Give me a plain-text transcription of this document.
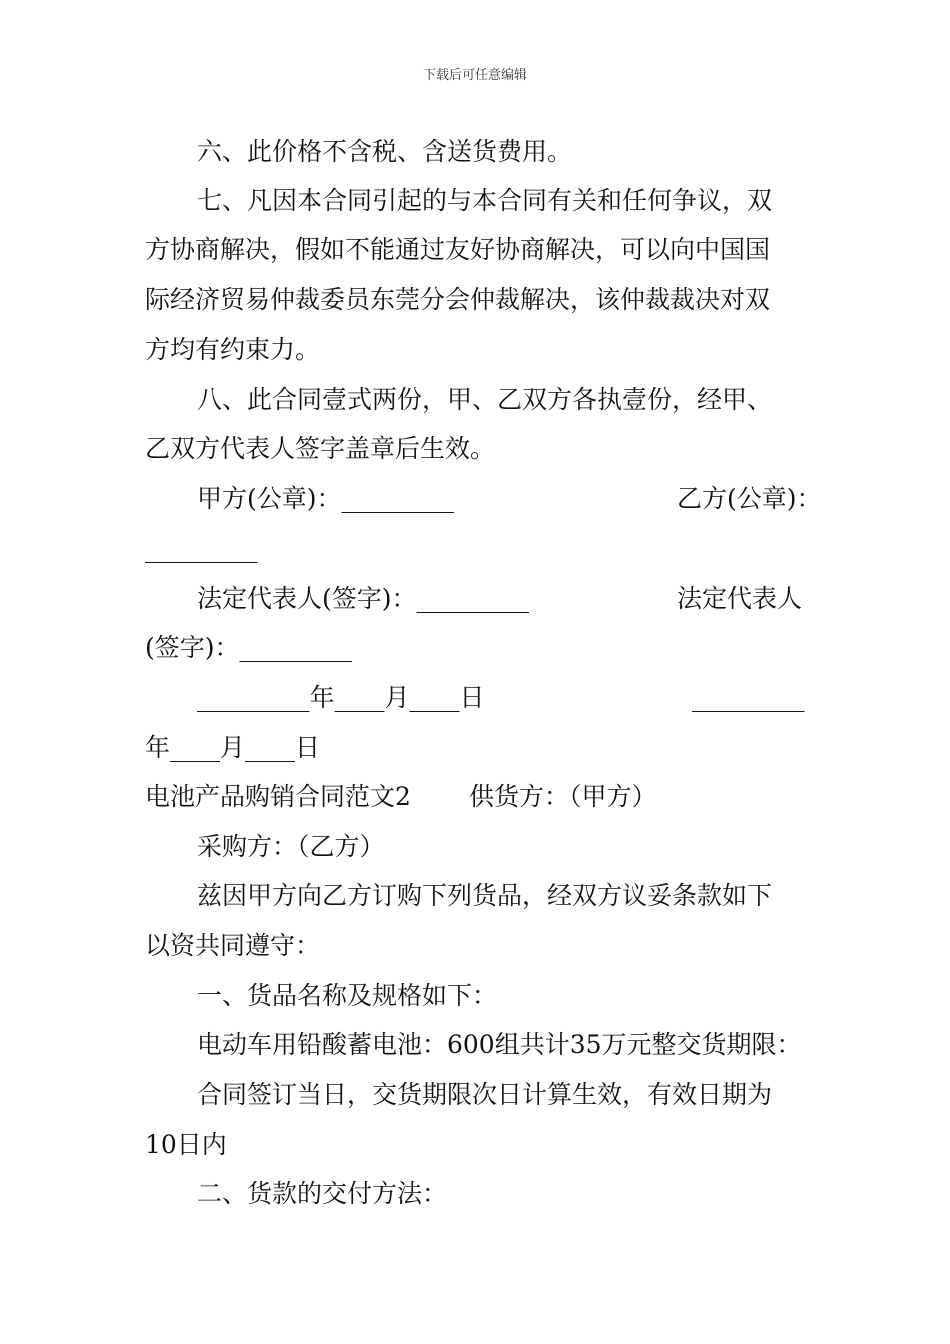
下载后可任意编辑
六、此价格不含税、含送货费用。
七、凡因本合同引起的与本合同有关和任何争议，双
方协商解决，假如不能通过友好协商解决，可以向中国国
际经济贸易仲裁委员东莞分会仲裁解决，该仲裁裁决对双
方均有约束力。
八、此合同壹式两份，甲、乙双方各执壹份，经甲、
乙双方代表人签字盖章后生效。
甲方(公章)：_________	乙方(公章)：
_________
法定代表人(签字)：_________	法定代表人
(签字)：_________
_________年____月____日	_________
年____月____日
电池产品购销合同范文2 供货方：（甲方）
采购方：（乙方）
兹因甲方向乙方订购下列货品，经双方议妥条款如下
以资共同遵守：
一、货品名称及规格如下：
电动车用铅酸蓄电池：600组共计35万元整交货期限：
合同签订当日，交货期限次日计算生效，有效日期为
10日内
二、货款的交付方法：
